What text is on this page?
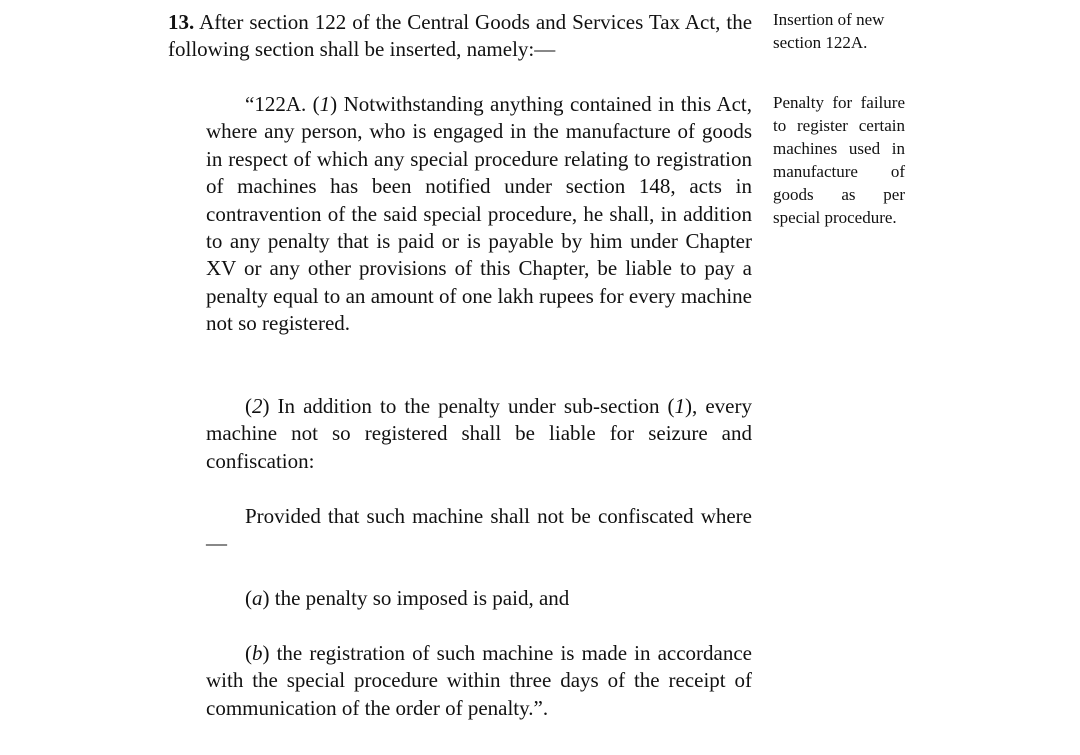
13. After section 122 of the Central Goods and Services Tax Act, the following section shall be inserted, namely:—

Insertion of new section 122A.

“122A. (1) Notwithstanding anything contained in this Act, where any person, who is engaged in the manufacture of goods in respect of which any special procedure relating to registration of machines has been notified under section 148, acts in contravention of the said special procedure, he shall, in addition to any penalty that is paid or is payable by him under Chapter XV or any other provisions of this Chapter, be liable to pay a penalty equal to an amount of one lakh rupees for every machine not so registered.

Penalty for failure to register certain machines used in manufacture of goods as per special procedure.

(2) In addition to the penalty under sub-section (1), every machine not so registered shall be liable for seizure and confiscation:

Provided that such machine shall not be confiscated where—

(a) the penalty so imposed is paid, and

(b) the registration of such machine is made in accordance with the special procedure within three days of the receipt of communication of the order of penalty.”.
